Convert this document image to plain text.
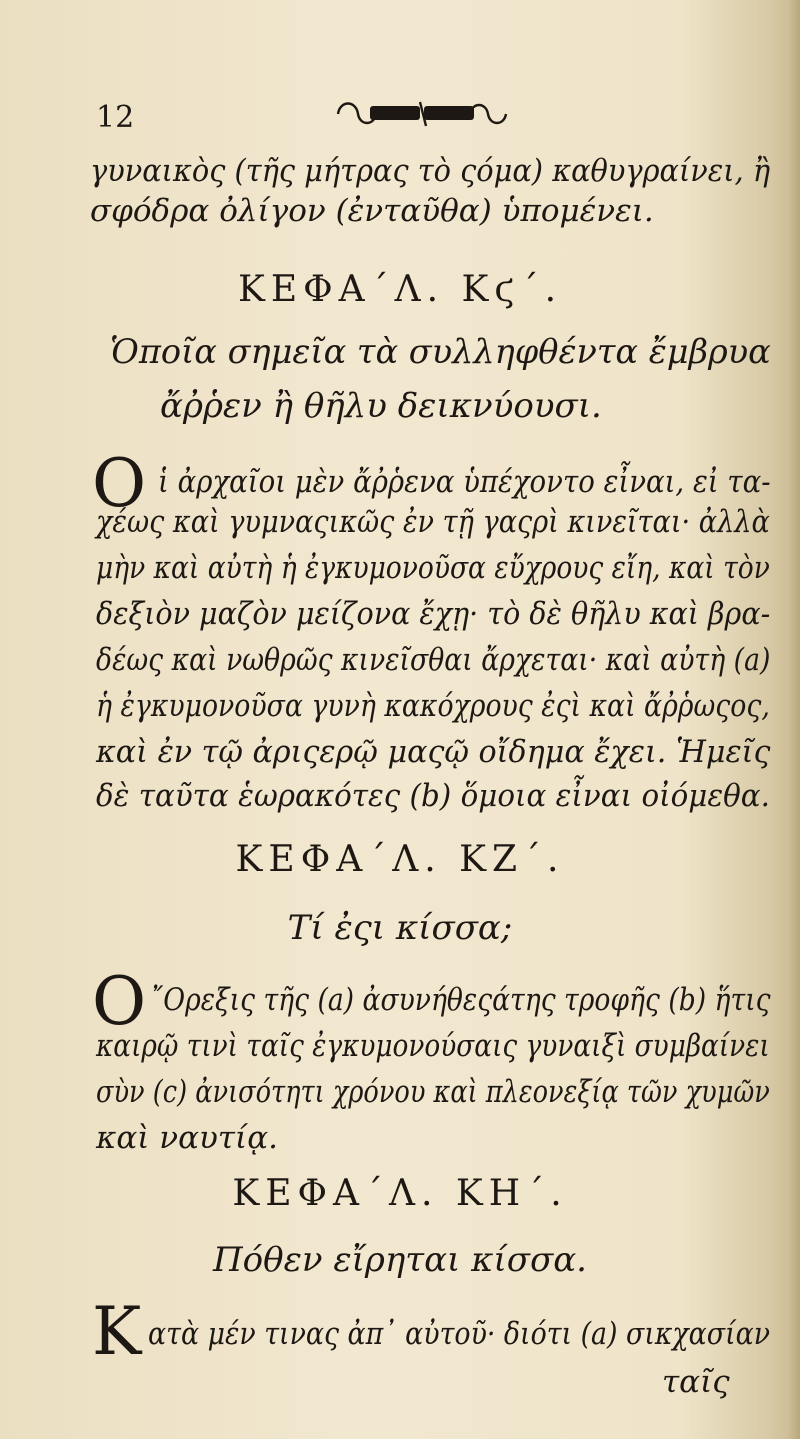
12
γυναικὸς (τῆς μήτρας τὸ ςόμα) καθυγραίνει, ἢ
σφόδρα ὀλίγον (ἐνταῦθα) ὑπομένει.
ΚΕΦΑ΄Λ. Κϛ΄.
Ὁποῖα σημεῖα τὰ συλληφθέντα ἔμβρυα
ἄῤῥεν ἢ θῆλυ δεικνύουσι.
Ο ἱ ἀρχαῖοι μὲν ἄῤῥενα ὑπέχοντο εἶναι, εἰ τα-
χέως καὶ γυμναςικῶς ἐν τῇ γαςρὶ κινεῖται· ἀλλὰ
μὴν καὶ αὐτὴ ἡ ἐγκυμονοῦσα εὔχρους εἴη, καὶ τὸν
δεξιὸν μαζὸν μείζονα ἔχῃ· τὸ δὲ θῆλυ καὶ βρα-
δέως καὶ νωθρῶς κινεῖσθαι ἄρχεται· καὶ αὐτὴ (a)
ἡ ἐγκυμονοῦσα γυνὴ κακόχρους ἐςὶ καὶ ἄῤῥωςος,
καὶ ἐν τῷ ἀριςερῷ μαςῷ οἴδημα ἔχει. Ἡμεῖς
δὲ ταῦτα ἑωρακότες (b) ὅμοια εἶναι οἰόμεθα.
ΚΕΦΑ΄Λ. ΚΖ΄.
Τί ἐςι κίσσα;
Ο ῎Ορεξις τῆς (a) ἀσυνήθεςάτης τροφῆς (b) ἥτις
καιρῷ τινὶ ταῖς ἐγκυμονούσαις γυναιξὶ συμβαίνει
σὺν (c) ἀνισότητι χρόνου καὶ πλεονεξίᾳ τῶν χυμῶν
καὶ ναυτίᾳ.
ΚΕΦΑ΄Λ. ΚΗ΄.
Πόθεν εἴρηται κίσσα.
Κ ατὰ μέν τινας ἀπ᾽ αὐτοῦ· διότι (a) σικχασίαν
ταῖς
